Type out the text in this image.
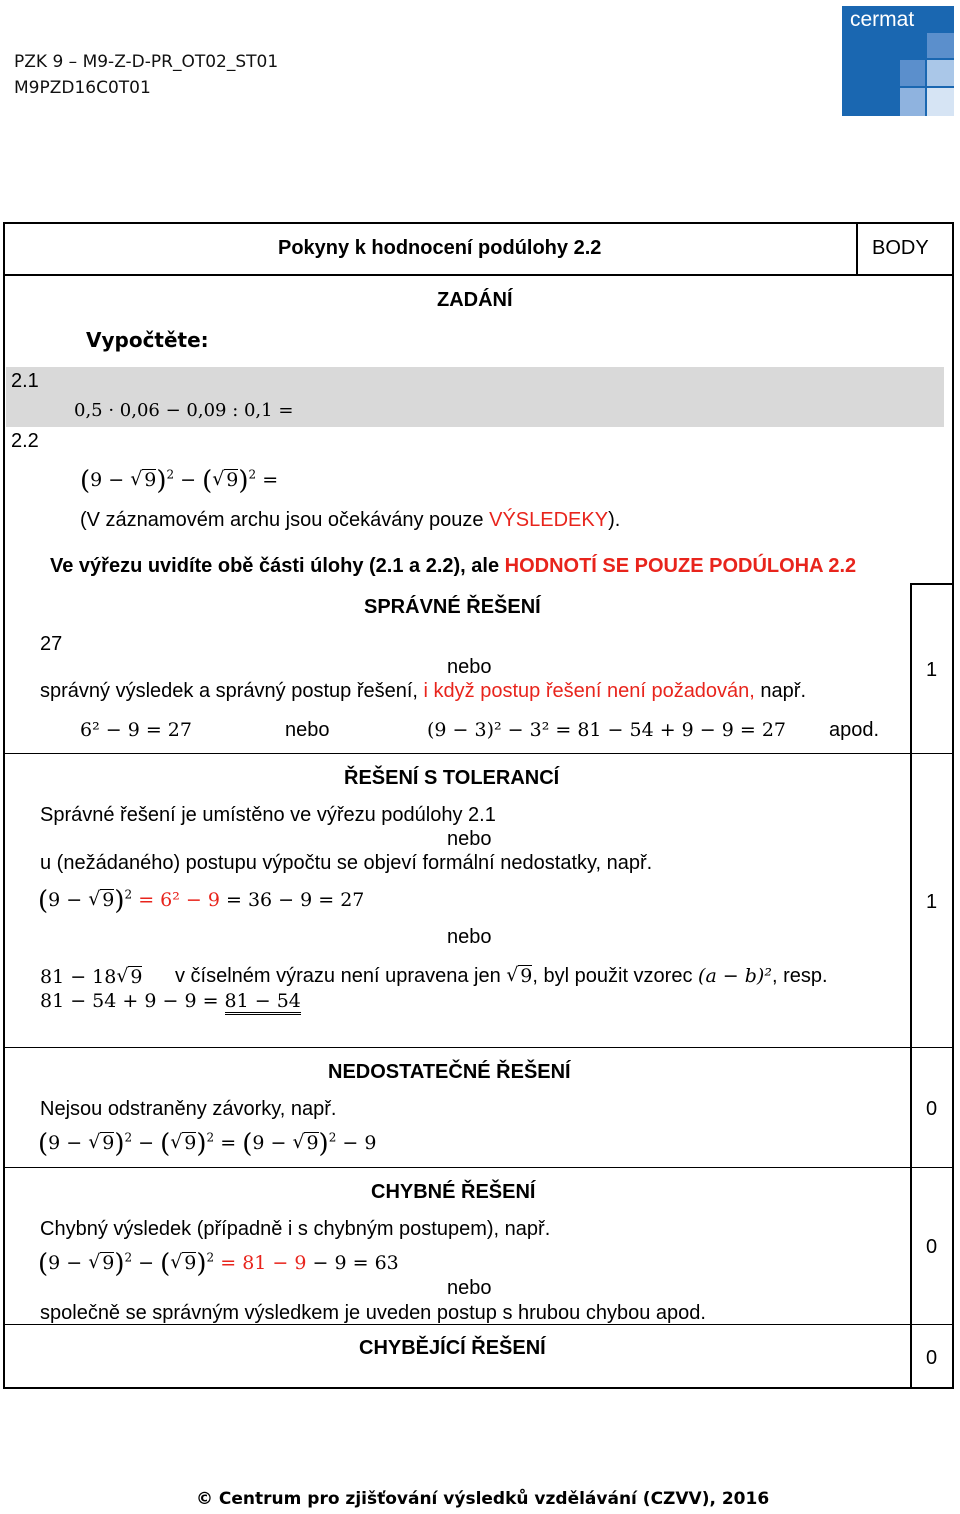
PZK 9 – M9-Z-D-PR_OT02_ST01
M9PZD16C0T01
cermat
Pokyny k hodnocení podúlohy 2.2	BODY
ZADÁNÍ
Vypočtěte:
2.1
0,5 · 0,06 − 0,09 : 0,1 =
2.2
(9 − √ 9)$^2$ − ( √ 9)$^2$ =
(V záznamovém archu jsou očekávány pouze VÝSLEDEKY).
Ve výřezu uvidíte obě části úlohy (2.1 a 2.2), ale HODNOTÍ SE POUZE PODÚLOHA 2.2
SPRÁVNÉ ŘEŠENÍ
27
nebo
správný výsledek a správný postup řešení, i když postup řešení není požadován, např.
6² − 9 = 27	nebo	(9 − 3)² − 3² = 81 − 54 + 9 − 9 = 27 apod.
1
ŘEŠENÍ S TOLERANCÍ
Správné řešení je umístěno ve výřezu podúlohy 2.1
nebo
u (nežádaného) postupu výpočtu se objeví formální nedostatky, např.
(9 − √ 9)$^2$ = 6² − 9 = 36 − 9 = 27
nebo
81 − 18 √ 9 v číselném výrazu není upravena jen √ 9, byl použit vzorec (a − b)², resp.
81 − 54 + 9 − 9 = 81 − 54
1
NEDOSTATEČNÉ ŘEŠENÍ
Nejsou odstraněny závorky, např.
(9 − √ 9)$^2$ − ( √ 9)$^2$ = (9 − √ 9)$^2$ − 9
0
CHYBNÉ ŘEŠENÍ
Chybný výsledek (případně i s chybným postupem), např.
(9 − √ 9)$^2$ − ( √ 9)$^2$ = 81 − 9 − 9 = 63
nebo
společně se správným výsledkem je uveden postup s hrubou chybou apod.
0
CHYBĚJÍCÍ ŘEŠENÍ	0
© Centrum pro zjišťování výsledků vzdělávání (CZVV), 2016
